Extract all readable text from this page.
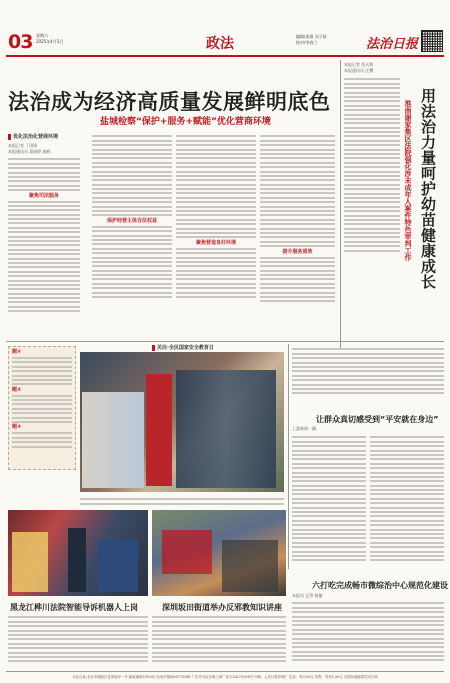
03 星期六
2025年4月5日	政法	编辑/姜娟 刘子晗
校对/李春兰	法治日报
法治成为经济高质量发展鲜明底色
盐城检察“保护+服务+赋能”优化营商环境
优化法治化营商环境
本报记者 丁国锋
本报通讯员 葛丽婷 施辉
聚焦司法服务
保护经营主体合法权益
聚焦营造良好环境
提升服务质效
本报记者 范天娇
本报通讯员 汪樱
用法治力量呵护幼苗健康成长
淮南谢家集区法院强化涉未成年人案件特色审判工作
关注·全民国家安全教育日
题①
题②
题③
让群众真切感受到“平安就在身边”
上游新闻一隅
黑龙江桦川法院智能导诉机器人上岗	深圳坂田街道举办反邪教知识讲座
六打吃完成畅市微综治中心规范化建设
本报讯 记者 杨捷
本社社址:北京市朝阳区花家地甲一号 邮政编码100102 电话中继线64772288 广告许可证京朝工商广登字20170156号 印刷：人民日报印刷厂 定价：每月24元 零售：每份1.50元 全国各地邮局均可订阅
